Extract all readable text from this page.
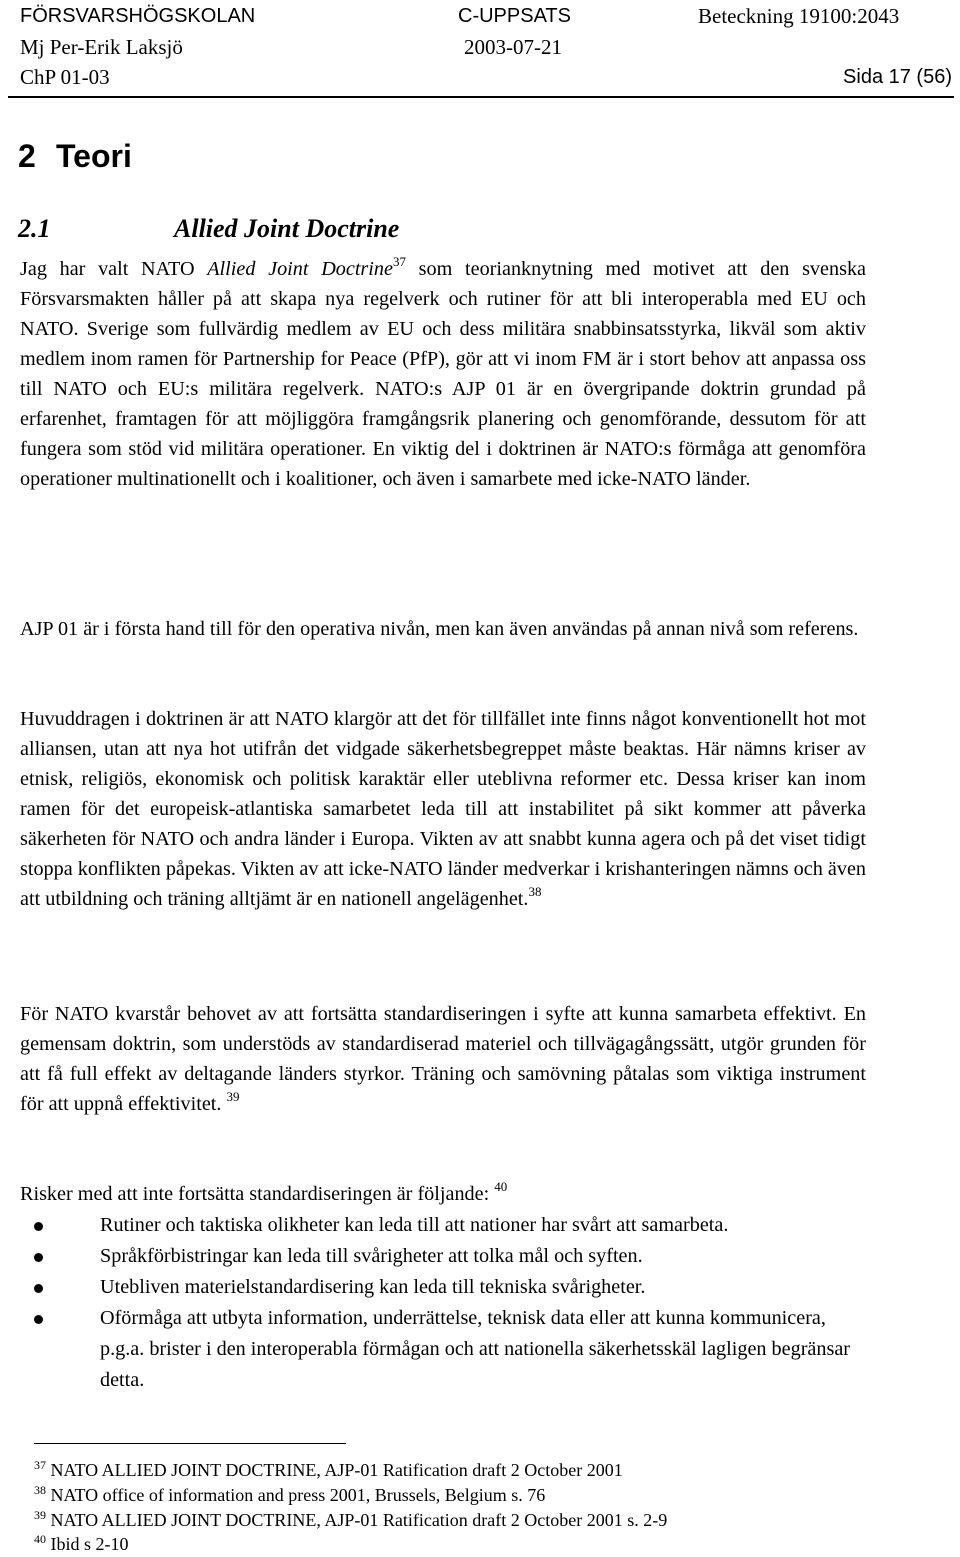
FÖRSVARSHÖGSKOLAN	C-UPPSATS	Beteckning 19100:2043
Mj Per-Erik Laksjö	2003-07-21
ChP 01-03	Sida 17 (56)
2 Teori
2.1	Allied Joint Doctrine

Jag har valt NATO Allied Joint Doctrine$^{37}$ som teorianknytning med motivet att den svenska Försvarsmakten håller på att skapa nya regelverk och rutiner för att bli interoperabla med EU och NATO. Sverige som fullvärdig medlem av EU och dess militära snabbinsatsstyrka, likväl som aktiv medlem inom ramen för Partnership for Peace (PfP), gör att vi inom FM är i stort behov att anpassa oss till NATO och EU:s militära regelverk. NATO:s AJP 01 är en övergripande doktrin grundad på erfarenhet, framtagen för att möjliggöra framgångsrik planering och genomförande, dessutom för att fungera som stöd vid militära operationer. En viktig del i doktrinen är NATO:s förmåga att genomföra operationer multinationellt och i koalitioner, och även i samarbete med icke-NATO länder.

AJP 01 är i första hand till för den operativa nivån, men kan även användas på annan nivå som referens.

Huvuddragen i doktrinen är att NATO klargör att det för tillfället inte finns något konventionellt hot mot alliansen, utan att nya hot utifrån det vidgade säkerhetsbegreppet måste beaktas. Här nämns kriser av etnisk, religiös, ekonomisk och politisk karaktär eller uteblivna reformer etc. Dessa kriser kan inom ramen för det europeisk-atlantiska samarbetet leda till att instabilitet på sikt kommer att påverka säkerheten för NATO och andra länder i Europa. Vikten av att snabbt kunna agera och på det viset tidigt stoppa konflikten påpekas. Vikten av att icke-NATO länder medverkar i krishanteringen nämns och även att utbildning och träning alltjämt är en nationell angelägenhet.$^{38}$

För NATO kvarstår behovet av att fortsätta standardiseringen i syfte att kunna samarbeta effektivt. En gemensam doktrin, som understöds av standardiserad materiel och tillvägagångssätt, utgör grunden för att få full effekt av deltagande länders styrkor. Träning och samövning påtalas som viktiga instrument för att uppnå effektivitet. $^{39}$

Risker med att inte fortsätta standardiseringen är följande: $^{40}$

Rutiner och taktiska olikheter kan leda till att nationer har svårt att samarbeta.
Språkförbistringar kan leda till svårigheter att tolka mål och syften.
Utebliven materielstandardisering kan leda till tekniska svårigheter.
Oförmåga att utbyta information, underrättelse, teknisk data eller att kunna kommunicera, p.g.a. brister i den interoperabla förmågan och att nationella säkerhetsskäl lagligen begränsar detta.
$^{37}$ NATO ALLIED JOINT DOCTRINE, AJP-01 Ratification draft 2 October 2001
$^{38}$ NATO office of information and press 2001, Brussels, Belgium s. 76
$^{39}$ NATO ALLIED JOINT DOCTRINE, AJP-01 Ratification draft 2 October 2001 s. 2-9
$^{40}$ Ibid s 2-10
